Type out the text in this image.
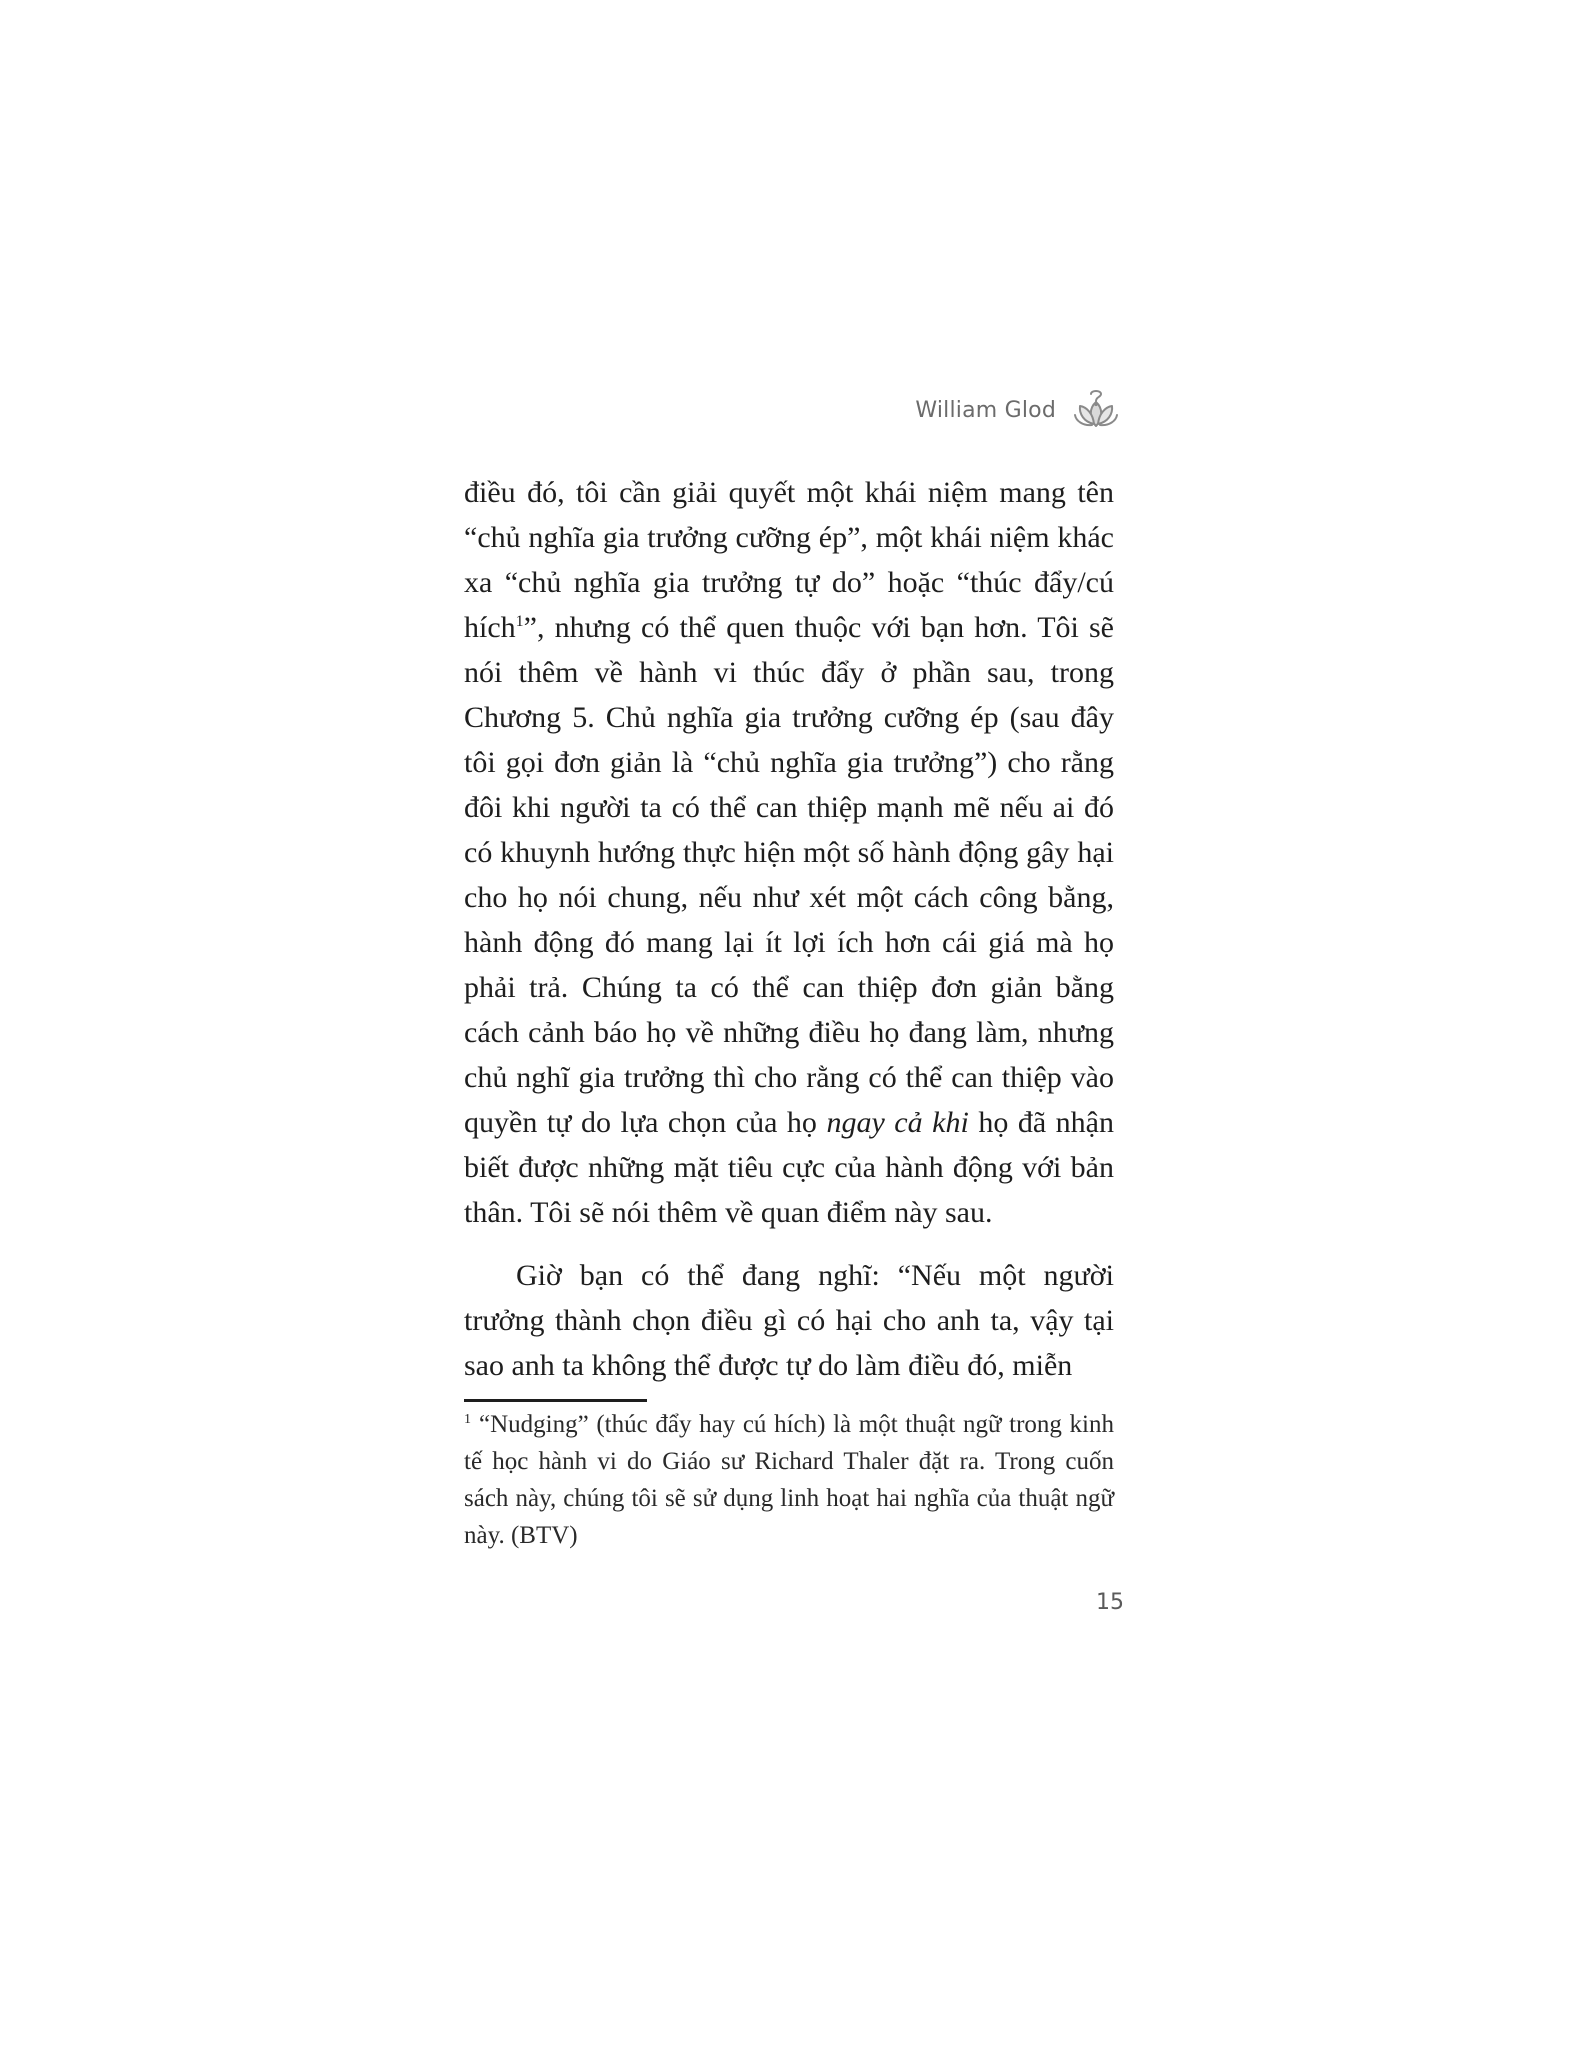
William Glod

điều đó, tôi cần giải quyết một khái niệm mang tên “chủ nghĩa gia trưởng cưỡng ép”, một khái niệm khác xa “chủ nghĩa gia trưởng tự do” hoặc “thúc đẩy/cú hích$^1$”, nhưng có thể quen thuộc với bạn hơn. Tôi sẽ nói thêm về hành vi thúc đẩy ở phần sau, trong Chương 5. Chủ nghĩa gia trưởng cưỡng ép (sau đây tôi gọi đơn giản là “chủ nghĩa gia trưởng”) cho rằng đôi khi người ta có thể can thiệp mạnh mẽ nếu ai đó có khuynh hướng thực hiện một số hành động gây hại cho họ nói chung, nếu như xét một cách công bằng, hành động đó mang lại ít lợi ích hơn cái giá mà họ phải trả. Chúng ta có thể can thiệp đơn giản bằng cách cảnh báo họ về những điều họ đang làm, nhưng chủ nghĩ gia trưởng thì cho rằng có thể can thiệp vào quyền tự do lựa chọn của họ ngay cả khi họ đã nhận biết được những mặt tiêu cực của hành động với bản thân. Tôi sẽ nói thêm về quan điểm này sau.

Giờ bạn có thể đang nghĩ: “Nếu một người trưởng thành chọn điều gì có hại cho anh ta, vậy tại sao anh ta không thể được tự do làm điều đó, miễn

$^1$ “Nudging” (thúc đẩy hay cú hích) là một thuật ngữ trong kinh tế học hành vi do Giáo sư Richard Thaler đặt ra. Trong cuốn sách này, chúng tôi sẽ sử dụng linh hoạt hai nghĩa của thuật ngữ này. (BTV)

15
